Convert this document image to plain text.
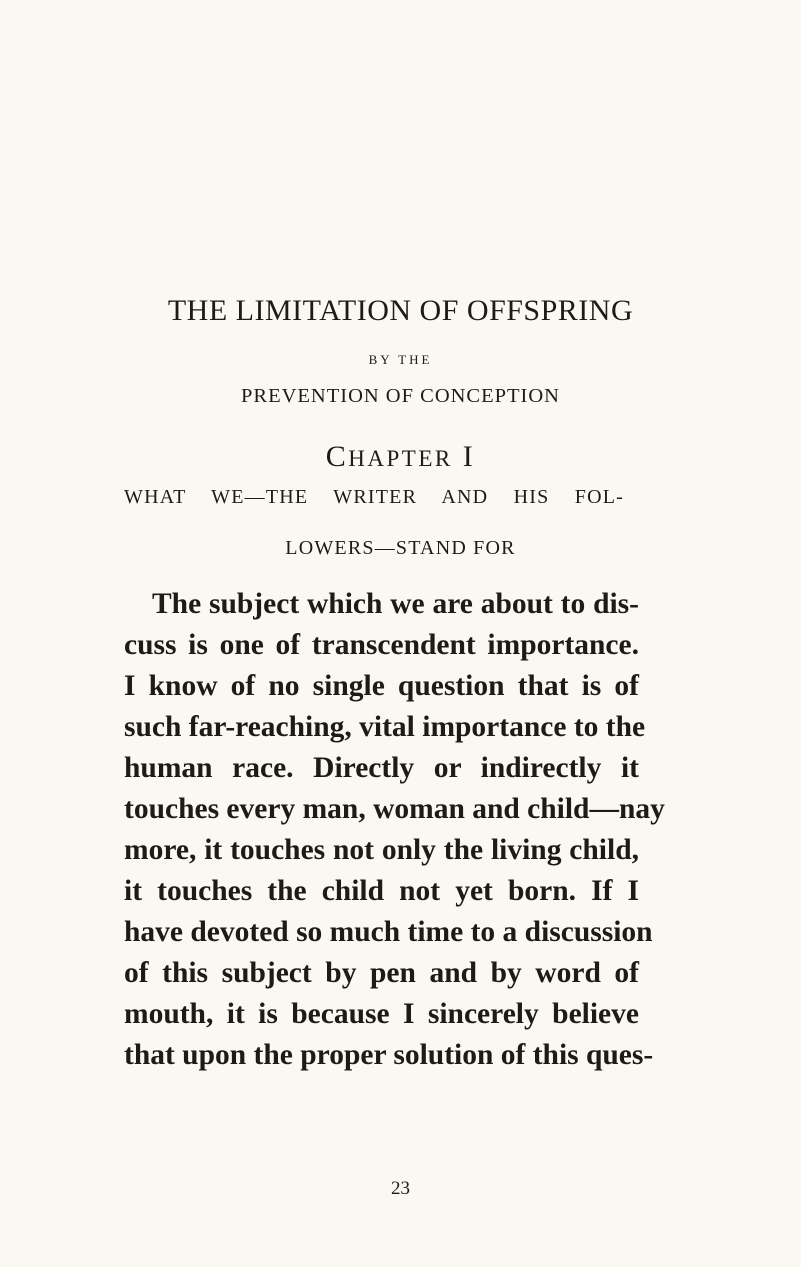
THE LIMITATION OF OFFSPRING
BY THE
PREVENTION OF CONCEPTION
CHAPTER I
WHAT WE—THE WRITER AND HIS FOL-
LOWERS—STAND FOR
The subject which we are about to dis-
cuss is one of transcendent importance.
I know of no single question that is of
such far-reaching, vital importance to the
human race. Directly or indirectly it
touches every man, woman and child—nay
more, it touches not only the living child,
it touches the child not yet born. If I
have devoted so much time to a discussion
of this subject by pen and by word of
mouth, it is because I sincerely believe
that upon the proper solution of this ques-
23
